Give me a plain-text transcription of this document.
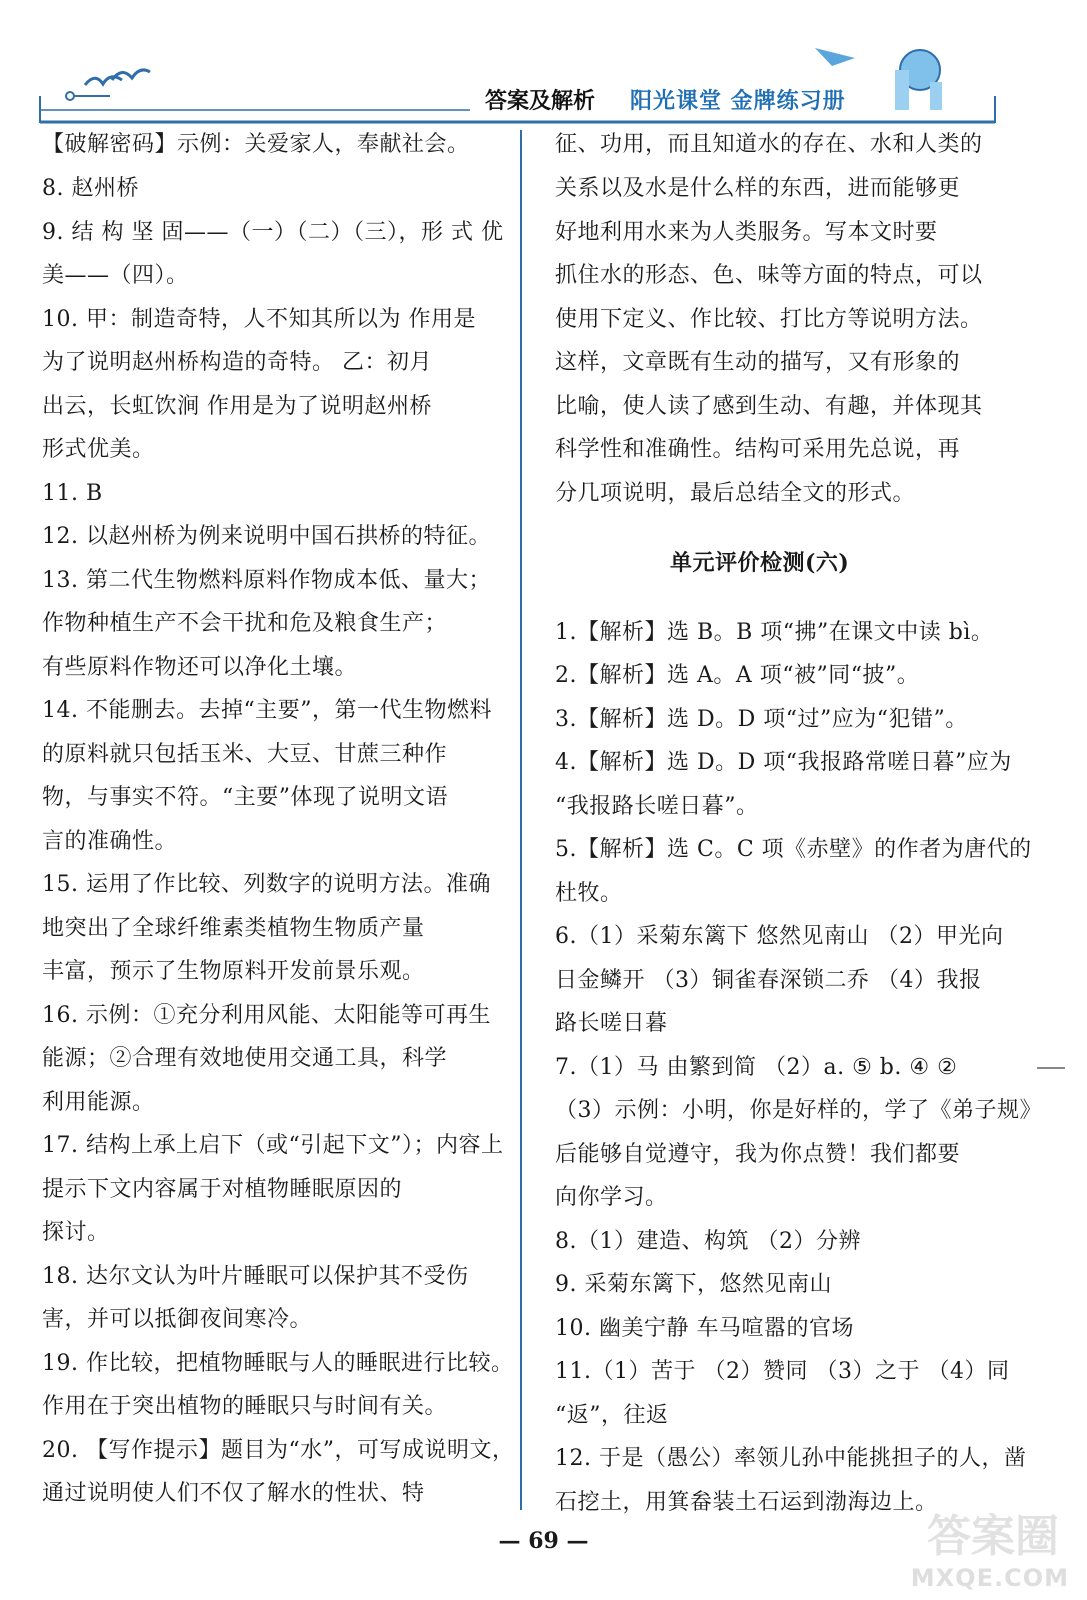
答案及解析 阳光课堂 金牌练习册
【破解密码】示例：关爱家人，奉献社会。
8. 赵州桥
9. 结 构 坚 固——（一）（二）（三），形 式 优
美——（四）。
10. 甲：制造奇特，人不知其所以为 作用是
为了说明赵州桥构造的奇特。 乙：初月
出云，长虹饮涧 作用是为了说明赵州桥
形式优美。
11. B
12. 以赵州桥为例来说明中国石拱桥的特征。
13. 第二代生物燃料原料作物成本低、量大；
作物种植生产不会干扰和危及粮食生产；
有些原料作物还可以净化土壤。
14. 不能删去。去掉“主要”，第一代生物燃料
的原料就只包括玉米、大豆、甘蔗三种作
物，与事实不符。“主要”体现了说明文语
言的准确性。
15. 运用了作比较、列数字的说明方法。准确
地突出了全球纤维素类植物生物质产量
丰富，预示了生物原料开发前景乐观。
16. 示例：①充分利用风能、太阳能等可再生
能源；②合理有效地使用交通工具，科学
利用能源。
17. 结构上承上启下（或“引起下文”）；内容上
提示下文内容属于对植物睡眠原因的
探讨。
18. 达尔文认为叶片睡眠可以保护其不受伤
害，并可以抵御夜间寒冷。
19. 作比较，把植物睡眠与人的睡眠进行比较。
作用在于突出植物的睡眠只与时间有关。
20. 【写作提示】题目为“水”，可写成说明文，
通过说明使人们不仅了解水的性状、特
征、功用，而且知道水的存在、水和人类的
关系以及水是什么样的东西，进而能够更
好地利用水来为人类服务。写本文时要
抓住水的形态、色、味等方面的特点，可以
使用下定义、作比较、打比方等说明方法。
这样，文章既有生动的描写，又有形象的
比喻，使人读了感到生动、有趣，并体现其
科学性和准确性。结构可采用先总说，再
分几项说明，最后总结全文的形式。
单元评价检测(六)
1.【解析】选 B。B 项“拂”在课文中读 bì。
2.【解析】选 A。A 项“被”同“披”。
3.【解析】选 D。D 项“过”应为“犯错”。
4.【解析】选 D。D 项“我报路常嗟日暮”应为
“我报路长嗟日暮”。
5.【解析】选 C。C 项《赤壁》的作者为唐代的
杜牧。
6.（1）采菊东篱下 悠然见南山 （2）甲光向
日金鳞开 （3）铜雀春深锁二乔 （4）我报
路长嗟日暮
7.（1）马 由繁到简 （2）a. ⑤ b. ④ ②
（3）示例：小明，你是好样的，学了《弟子规》
后能够自觉遵守，我为你点赞！我们都要
向你学习。
8.（1）建造、构筑 （2）分辨
9. 采菊东篱下，悠然见南山
10. 幽美宁静 车马喧嚣的官场
11.（1）苦于 （2）赞同 （3）之于 （4）同
“返”，往返
12. 于是（愚公）率领儿孙中能挑担子的人，凿
石挖土，用箕畚装土石运到渤海边上。
— 69 —	答案圈
MXQE.COM
